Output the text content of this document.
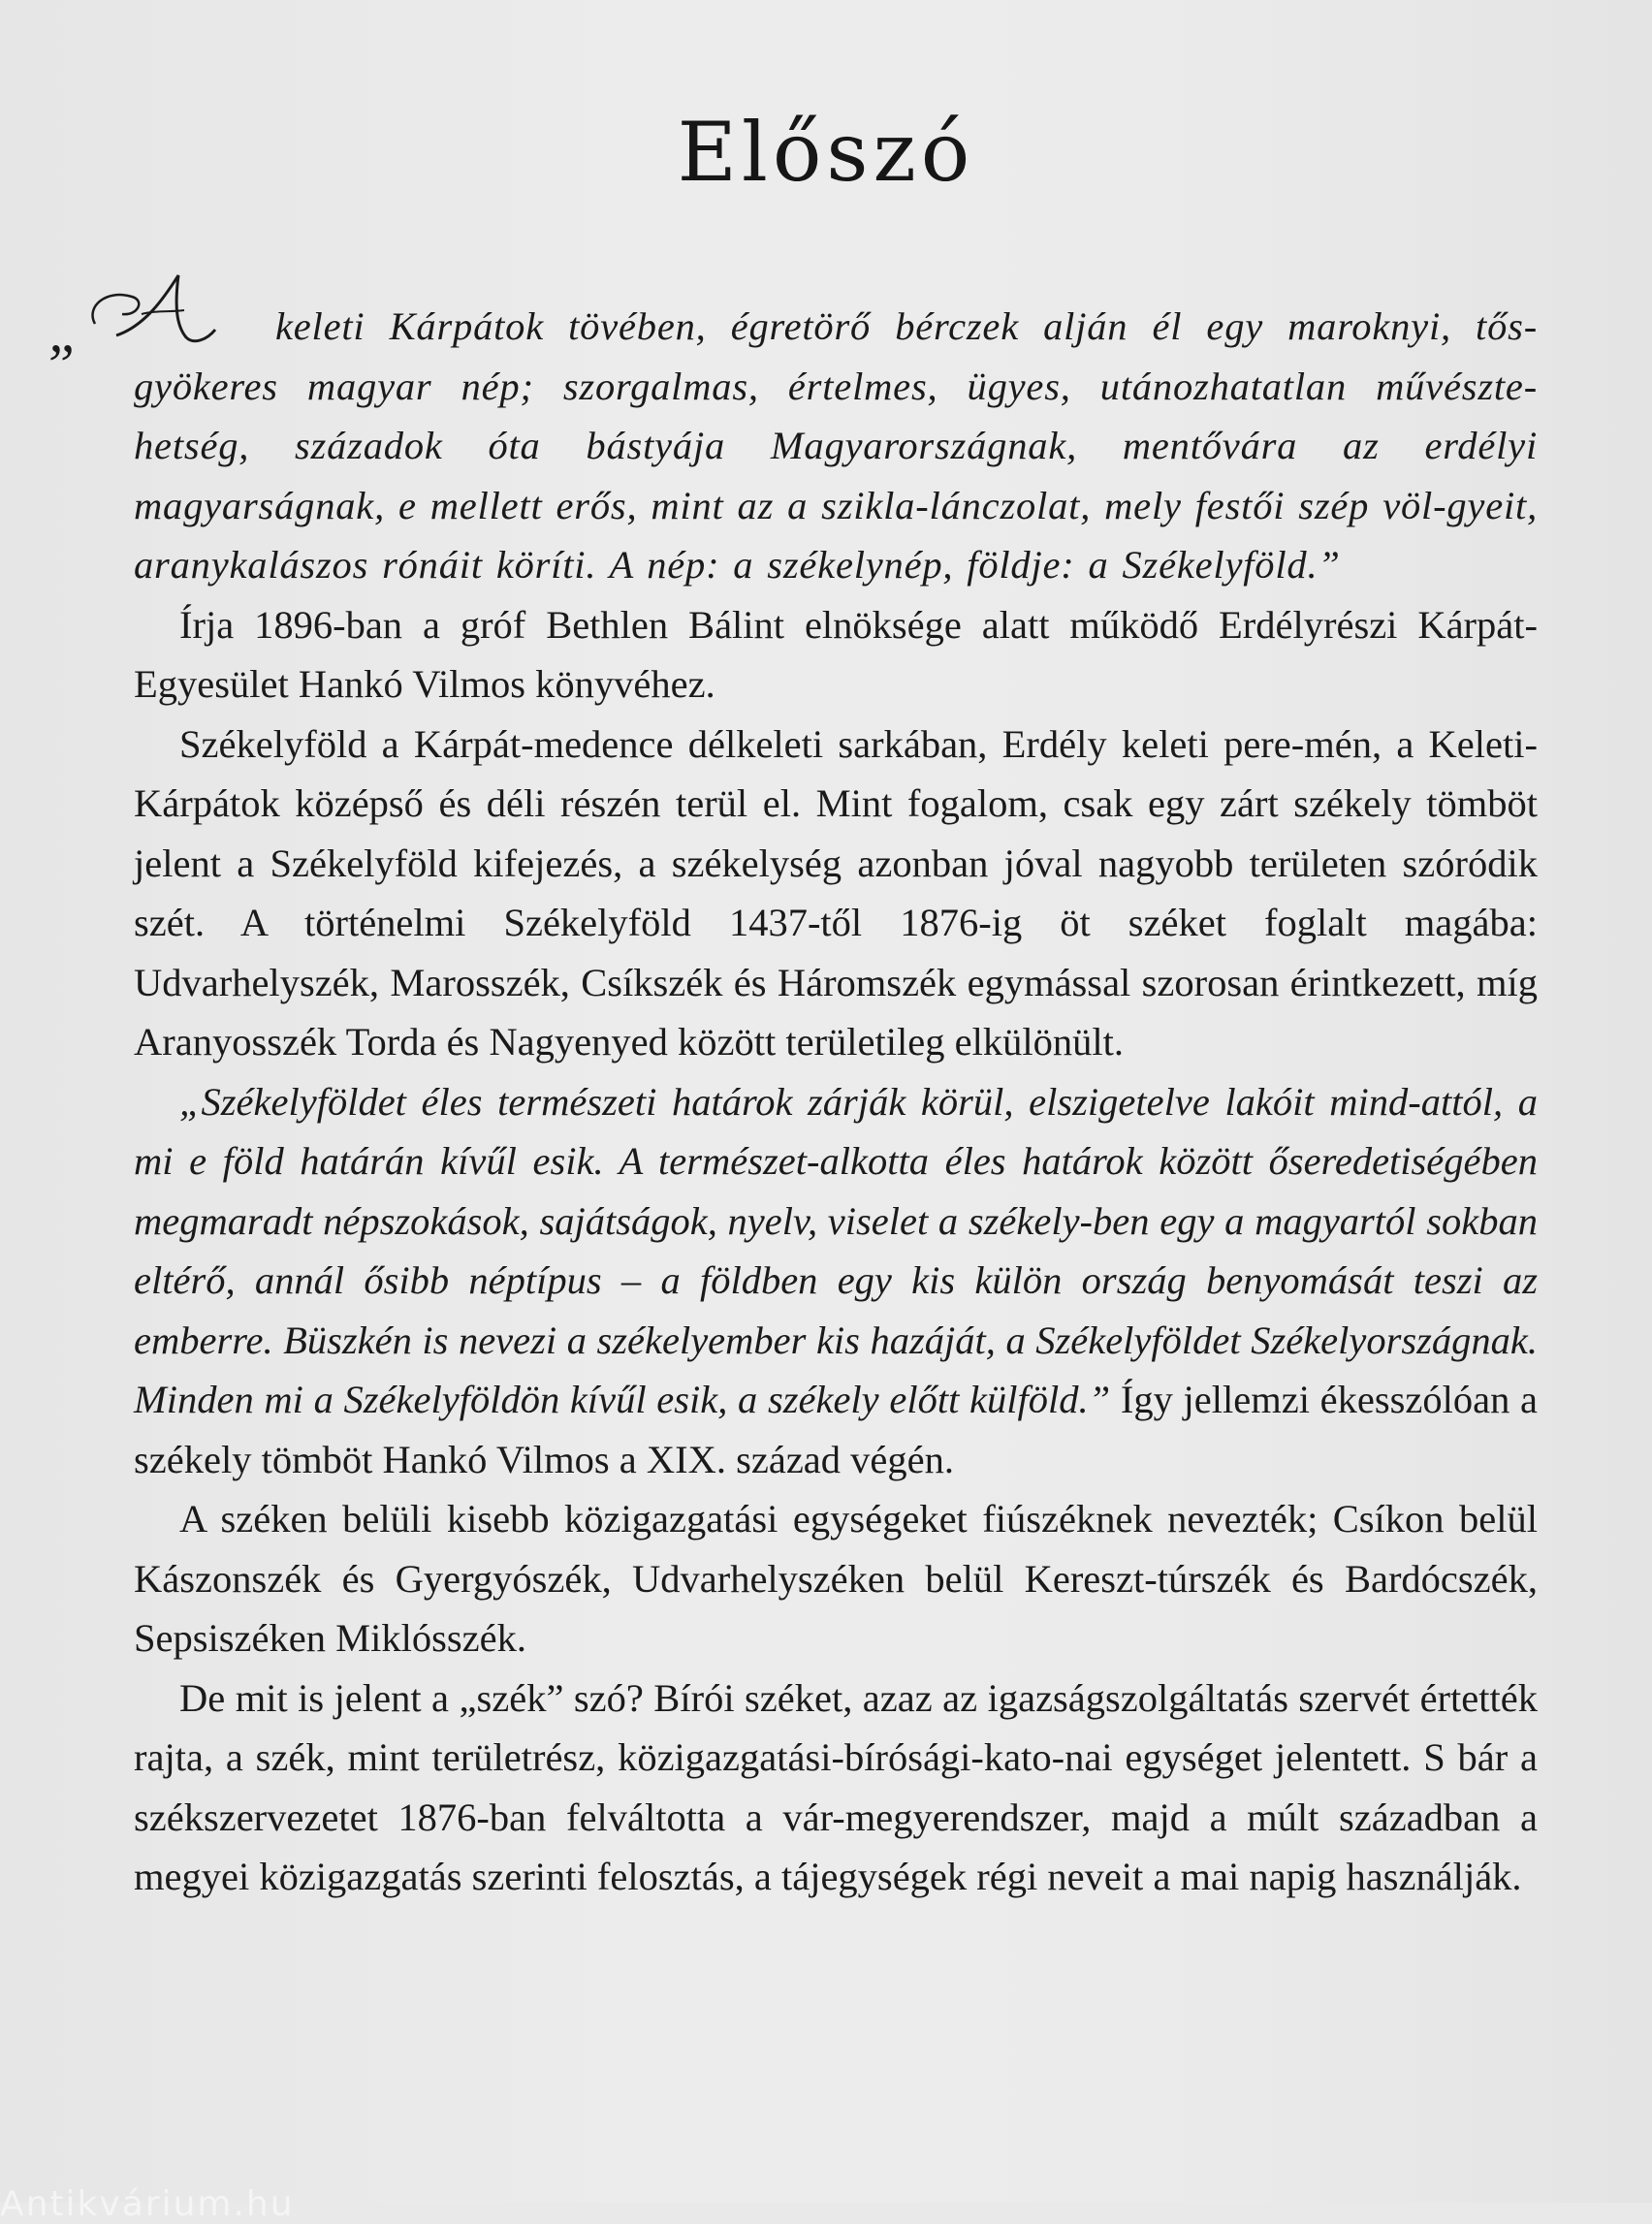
Előszó

„	keleti Kárpátok tövében, égretörő bérczek alján él egy maroknyi, tős-gyökeres magyar nép; szorgalmas, értelmes, ügyes, utánozhatatlan művészte-hetség, századok óta bástyája Magyarországnak, mentővára az erdélyi magyarságnak, e mellett erős, mint az a szikla-lánczolat, mely festői szép völ-gyeit, aranykalászos rónáit köríti. A nép: a székelynép, földje: a Székelyföld.”

Írja 1896-ban a gróf Bethlen Bálint elnöksége alatt működő Erdélyrészi Kárpát-Egyesület Hankó Vilmos könyvéhez.

Székelyföld a Kárpát-medence délkeleti sarkában, Erdély keleti pere-mén, a Keleti-Kárpátok középső és déli részén terül el. Mint fogalom, csak egy zárt székely tömböt jelent a Székelyföld kifejezés, a székelység azonban jóval nagyobb területen szóródik szét. A történelmi Székelyföld 1437-től 1876-ig öt széket foglalt magába: Udvarhelyszék, Marosszék, Csíkszék és Háromszék egymással szorosan érintkezett, míg Aranyosszék Torda és Nagyenyed között területileg elkülönült.

„Székelyföldet éles természeti határok zárják körül, elszigetelve lakóit mind-attól, a mi e föld határán kívűl esik. A természet-alkotta éles határok között őseredetiségében megmaradt népszokások, sajátságok, nyelv, viselet a székely-ben egy a magyartól sokban eltérő, annál ősibb néptípus – a földben egy kis külön ország benyomását teszi az emberre. Büszkén is nevezi a székelyember kis hazáját, a Székelyföldet Székelyországnak. Minden mi a Székelyföldön kívűl esik, a székely előtt külföld.” Így jellemzi ékesszólóan a székely tömböt Hankó Vilmos a XIX. század végén.

A széken belüli kisebb közigazgatási egységeket fiúszéknek nevezték; Csíkon belül Kászonszék és Gyergyószék, Udvarhelyszéken belül Kereszt-túrszék és Bardócszék, Sepsiszéken Miklósszék.

De mit is jelent a „szék” szó? Bírói széket, azaz az igazságszolgáltatás szervét értették rajta, a szék, mint területrész, közigazgatási-bírósági-kato-nai egységet jelentett. S bár a székszervezetet 1876-ban felváltotta a vár-megyerendszer, majd a múlt században a megyei közigazgatás szerinti felosztás, a tájegységek régi neveit a mai napig használják.

Antikvárium.hu
